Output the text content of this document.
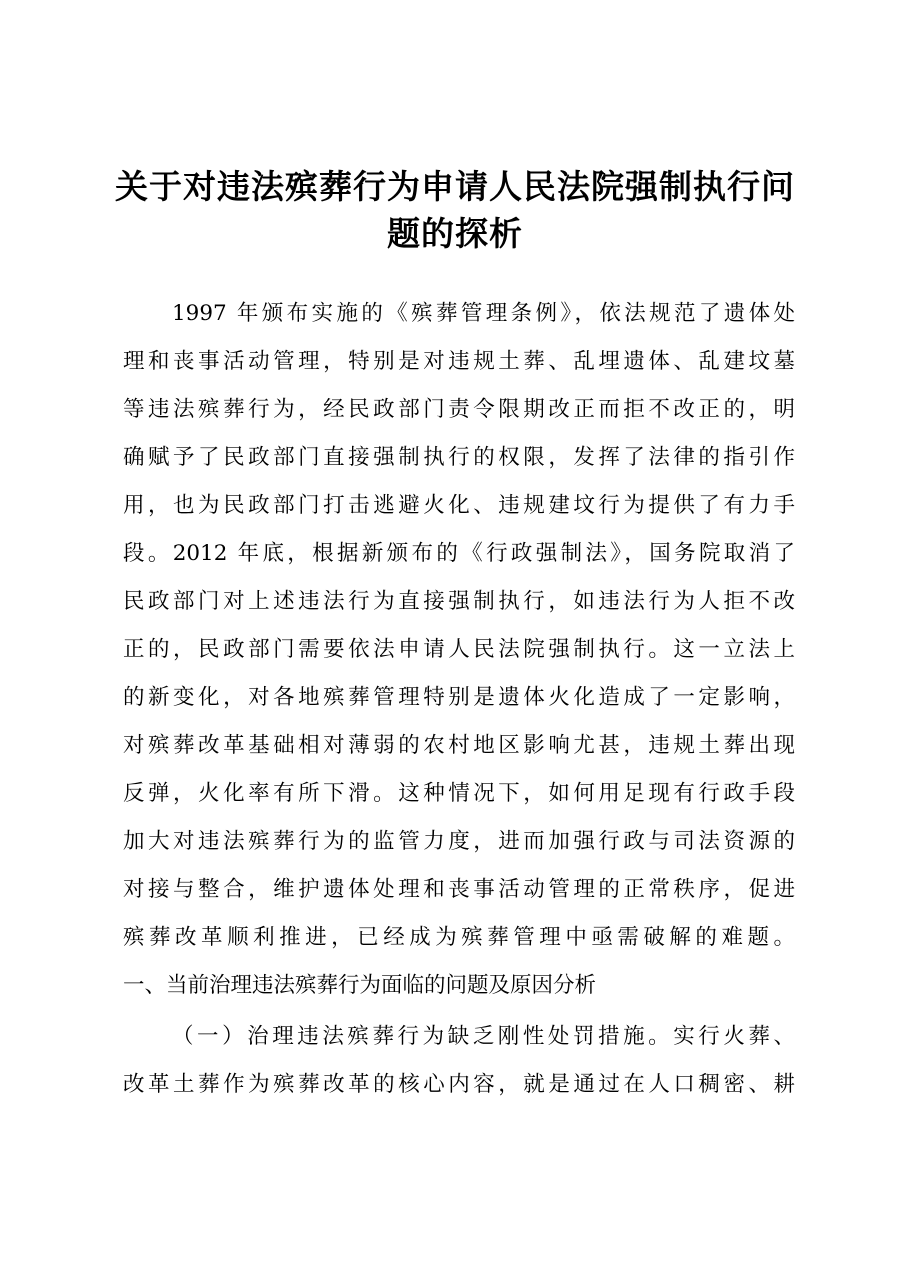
关于对违法殡葬行为申请人民法院强制执行问
题的探析
1997 年颁布实施的《殡葬管理条例》，依法规范了遗体处
理和丧事活动管理，特别是对违规土葬、乱埋遗体、乱建坟墓
等违法殡葬行为，经民政部门责令限期改正而拒不改正的，明
确赋予了民政部门直接强制执行的权限，发挥了法律的指引作
用，也为民政部门打击逃避火化、违规建坟行为提供了有力手
段。2012 年底，根据新颁布的《行政强制法》，国务院取消了
民政部门对上述违法行为直接强制执行，如违法行为人拒不改
正的，民政部门需要依法申请人民法院强制执行。这一立法上
的新变化，对各地殡葬管理特别是遗体火化造成了一定影响，
对殡葬改革基础相对薄弱的农村地区影响尤甚，违规土葬出现
反弹，火化率有所下滑。这种情况下，如何用足现有行政手段
加大对违法殡葬行为的监管力度，进而加强行政与司法资源的
对接与整合，维护遗体处理和丧事活动管理的正常秩序，促进
殡葬改革顺利推进，已经成为殡葬管理中亟需破解的难题。
一、当前治理违法殡葬行为面临的问题及原因分析
（一）治理违法殡葬行为缺乏刚性处罚措施。实行火葬、
改革土葬作为殡葬改革的核心内容，就是通过在人口稠密、耕
